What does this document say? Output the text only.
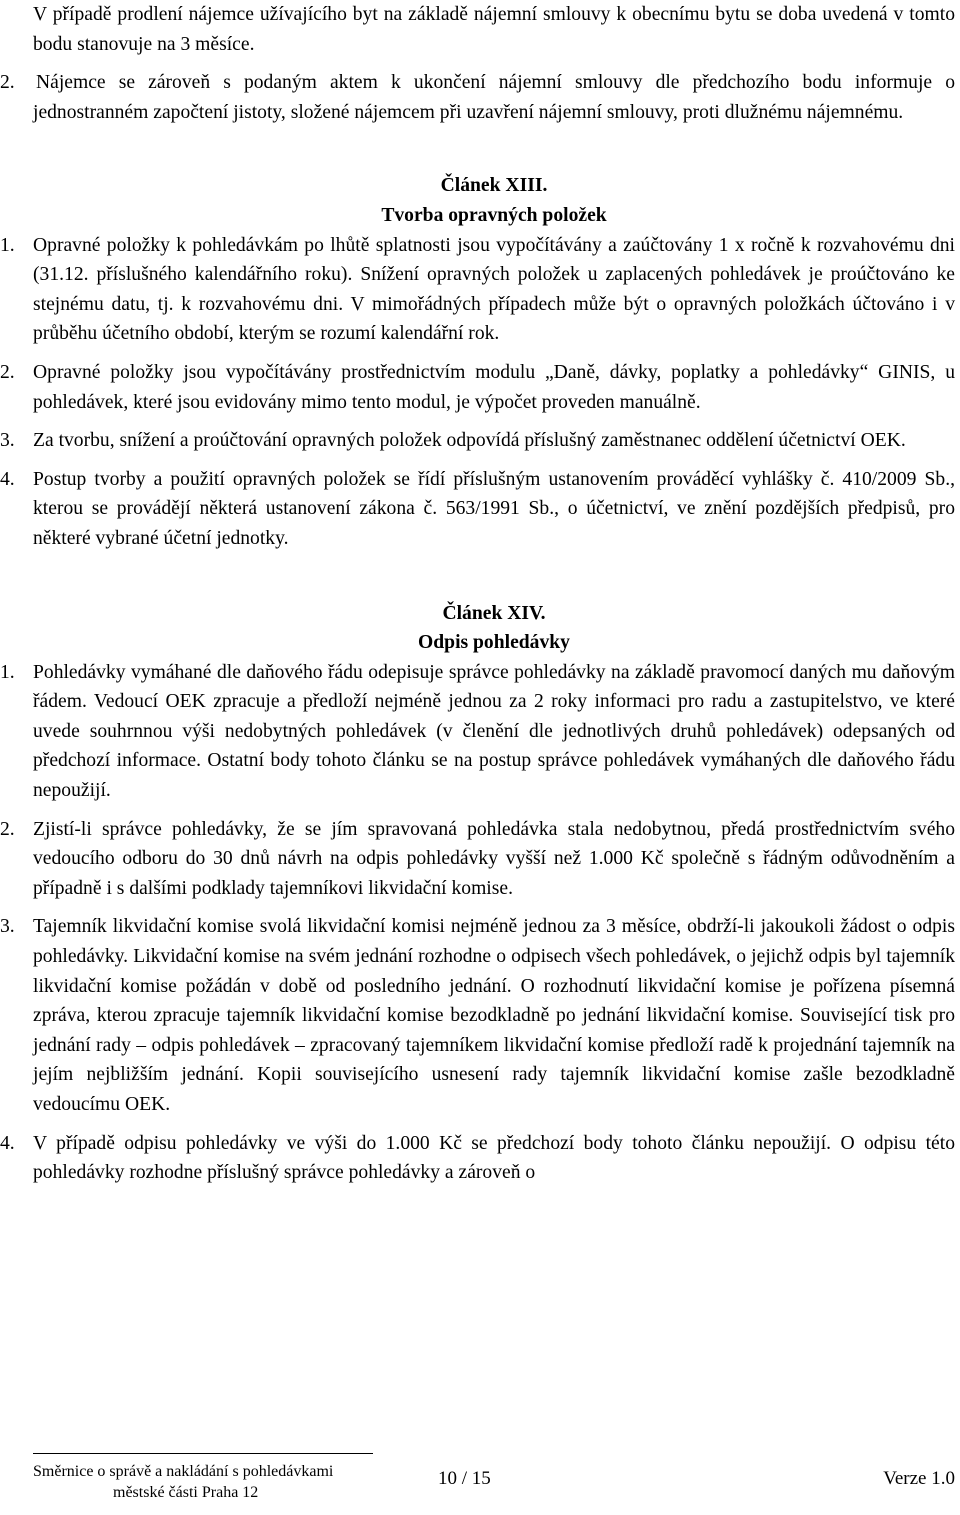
V případě prodlení nájemce užívajícího byt na základě nájemní smlouvy k obecnímu bytu se doba uvedená v tomto bodu stanovuje na 3 měsíce.

2. Nájemce se zároveň s podaným aktem k ukončení nájemní smlouvy dle předchozího bodu informuje o jednostranném započtení jistoty, složené nájemcem při uzavření nájemní smlouvy, proti dlužnému nájemnému.

Článek XIII.

Tvorba opravných položek

1. Opravné položky k pohledávkám po lhůtě splatnosti jsou vypočítávány a zaúčtovány 1 x ročně k rozvahovému dni (31.12. příslušného kalendářního roku). Snížení opravných položek u zaplacených pohledávek je proúčtováno ke stejnému datu, tj. k rozvahovému dni. V mimořádných případech může být o opravných položkách účtováno i v průběhu účetního období, kterým se rozumí kalendářní rok.
2. Opravné položky jsou vypočítávány prostřednictvím modulu „Daně, dávky, poplatky a pohledávky“ GINIS, u pohledávek, které jsou evidovány mimo tento modul, je výpočet proveden manuálně.
3. Za tvorbu, snížení a proúčtování opravných položek odpovídá příslušný zaměstnanec oddělení účetnictví OEK.
4. Postup tvorby a použití opravných položek se řídí příslušným ustanovením prováděcí vyhlášky č. 410/2009 Sb., kterou se provádějí některá ustanovení zákona č. 563/1991 Sb., o účetnictví, ve znění pozdějších předpisů, pro některé vybrané účetní jednotky.

Článek XIV.

Odpis pohledávky

1. Pohledávky vymáhané dle daňového řádu odepisuje správce pohledávky na základě pravomocí daných mu daňovým řádem. Vedoucí OEK zpracuje a předloží nejméně jednou za 2 roky informaci pro radu a zastupitelstvo, ve které uvede souhrnnou výši nedobytných pohledávek (v členění dle jednotlivých druhů pohledávek) odepsaných od předchozí informace. Ostatní body tohoto článku se na postup správce pohledávek vymáhaných dle daňového řádu nepoužijí.
2. Zjistí-li správce pohledávky, že se jím spravovaná pohledávka stala nedobytnou, předá prostřednictvím svého vedoucího odboru do 30 dnů návrh na odpis pohledávky vyšší než 1.000 Kč společně s řádným odůvodněním a případně i s dalšími podklady tajemníkovi likvidační komise.
3. Tajemník likvidační komise svolá likvidační komisi nejméně jednou za 3 měsíce, obdrží-li jakoukoli žádost o odpis pohledávky. Likvidační komise na svém jednání rozhodne o odpisech všech pohledávek, o jejichž odpis byl tajemník likvidační komise požádán v době od posledního jednání. O rozhodnutí likvidační komise je pořízena písemná zpráva, kterou zpracuje tajemník likvidační komise bezodkladně po jednání likvidační komise. Související tisk pro jednání rady – odpis pohledávek – zpracovaný tajemníkem likvidační komise předloží radě k projednání tajemník na jejím nejbližším jednání. Kopii souvisejícího usnesení rady tajemník likvidační komise zašle bezodkladně vedoucímu OEK.
4. V případě odpisu pohledávky ve výši do 1.000 Kč se předchozí body tohoto článku nepoužijí. O odpisu této pohledávky rozhodne příslušný správce pohledávky a zároveň o
Směrnice o správě a nakládání s pohledávkami
městské části Praha 12
10 / 15	Verze 1.0
